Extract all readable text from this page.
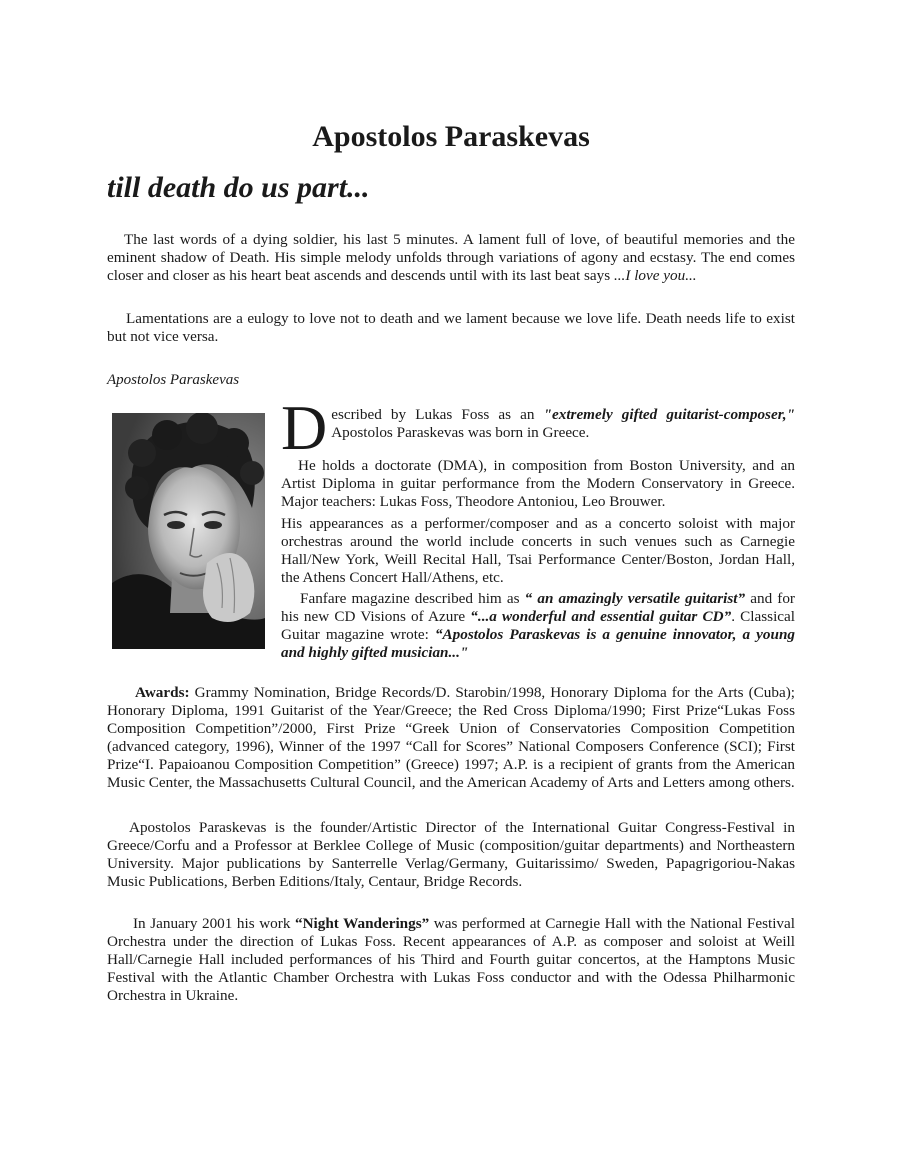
Apostolos Paraskevas
till death do us part...

The last words of a dying soldier, his last 5 minutes. A lament full of love, of beautiful memories and the eminent shadow of Death. His simple melody unfolds through variations of agony and ecstasy. The end comes closer and closer as his heart beat ascends and descends until with its last beat says ...I love you...

Lamentations are a eulogy to love not to death and we lament because we love life. Death needs life to exist but not vice versa.

Apostolos Paraskevas
D escribed by Lukas Foss as an "extremely gifted guitarist-composer," Apostolos Paraskevas was born in Greece.

He holds a doctorate (DMA), in composition from Boston University, and an Artist Diploma in guitar performance from the Modern Conservatory in Greece. Major teachers: Lukas Foss, Theodore Antoniou, Leo Brouwer.

His appearances as a performer/composer and as a concerto soloist with major orchestras around the world include concerts in such venues such as Carnegie Hall/New York, Weill Recital Hall, Tsai Performance Center/Boston, Jordan Hall, the Athens Concert Hall/Athens, etc.

Fanfare magazine described him as “ an amazingly versatile guitarist” and for his new CD Visions of Azure “...a wonderful and essential guitar CD”. Classical Guitar magazine wrote: “Apostolos Paraskevas is a genuine innovator, a young and highly gifted musician..."

Awards: Grammy Nomination, Bridge Records/D. Starobin/1998, Honorary Diploma for the Arts (Cuba); Honorary Diploma, 1991 Guitarist of the Year/Greece; the Red Cross Diploma/1990; First Prize“Lukas Foss Composition Competition”/2000, First Prize “Greek Union of Conservatories Composition Competition (advanced category, 1996), Winner of the 1997 “Call for Scores” National Composers Conference (SCI); First Prize“I. Papaioanou Composition Competition” (Greece) 1997; A.P. is a recipient of grants from the American Music Center, the Massachusetts Cultural Council, and the American Academy of Arts and Letters among others.

Apostolos Paraskevas is the founder/Artistic Director of the International Guitar Congress-Festival in Greece/Corfu and a Professor at Berklee College of Music (composition/guitar departments) and Northeastern University. Major publications by Santerrelle Verlag/Germany, Guitarissimo/ Sweden, Papagrigoriou-Nakas Music Publications, Berben Editions/Italy, Centaur, Bridge Records.

In January 2001 his work “Night Wanderings” was performed at Carnegie Hall with the National Festival Orchestra under the direction of Lukas Foss. Recent appearances of A.P. as composer and soloist at Weill Hall/Carnegie Hall included performances of his Third and Fourth guitar concertos, at the Hamptons Music Festival with the Atlantic Chamber Orchestra with Lukas Foss conductor and with the Odessa Philharmonic Orchestra in Ukraine.
